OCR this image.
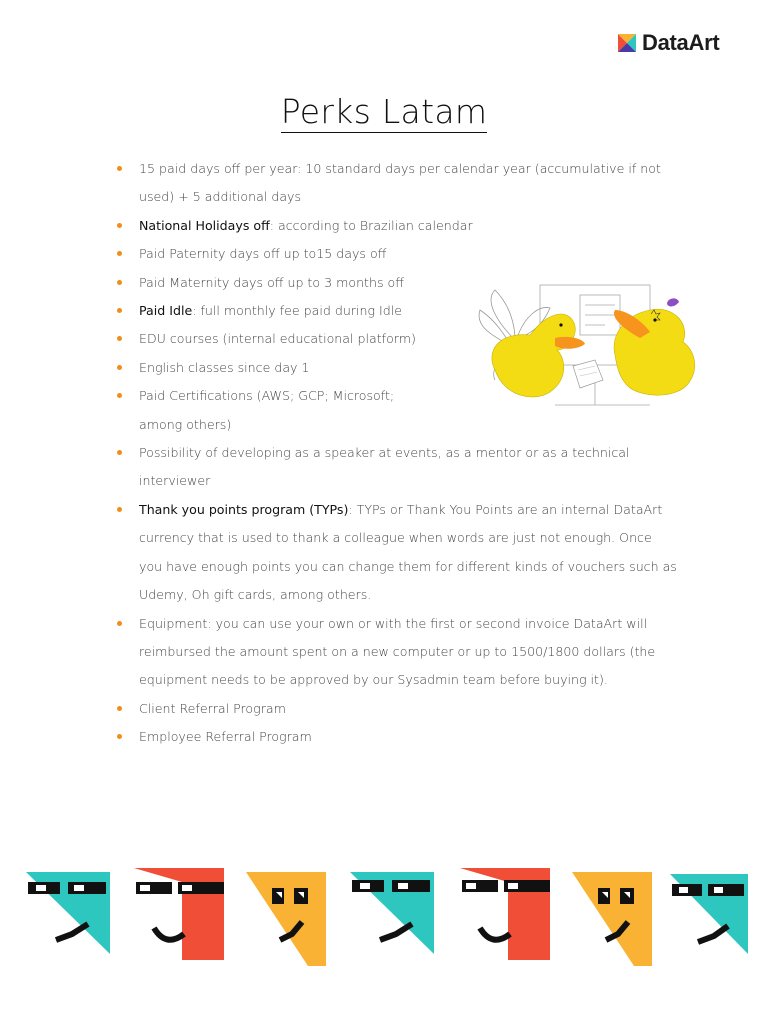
DataArt
Perks Latam
15 paid days off per year: 10 standard days per calendar year (accumulative if not used) + 5 additional days
National Holidays off: according to Brazilian calendar
Paid Paternity days off up to15 days off
Paid Maternity days off up to 3 months off
Paid Idle: full monthly fee paid during Idle
EDU courses (internal educational platform)
English classes since day 1
Paid Certifications (AWS; GCP; Microsoft; among others)
Possibility of developing as a speaker at events, as a mentor or as a technical interviewer
Thank you points program (TYPs): TYPs or Thank You Points are an internal DataArt currency that is used to thank a colleague when words are just not enough. Once you have enough points you can change them for different kinds of vouchers such as Udemy, Oh gift cards, among others.
Equipment: you can use your own or with the first or second invoice DataArt will reimbursed the amount spent on a new computer or up to 1500/1800 dollars (the equipment needs to be approved by our Sysadmin team before buying it).
Client Referral Program
Employee Referral Program
